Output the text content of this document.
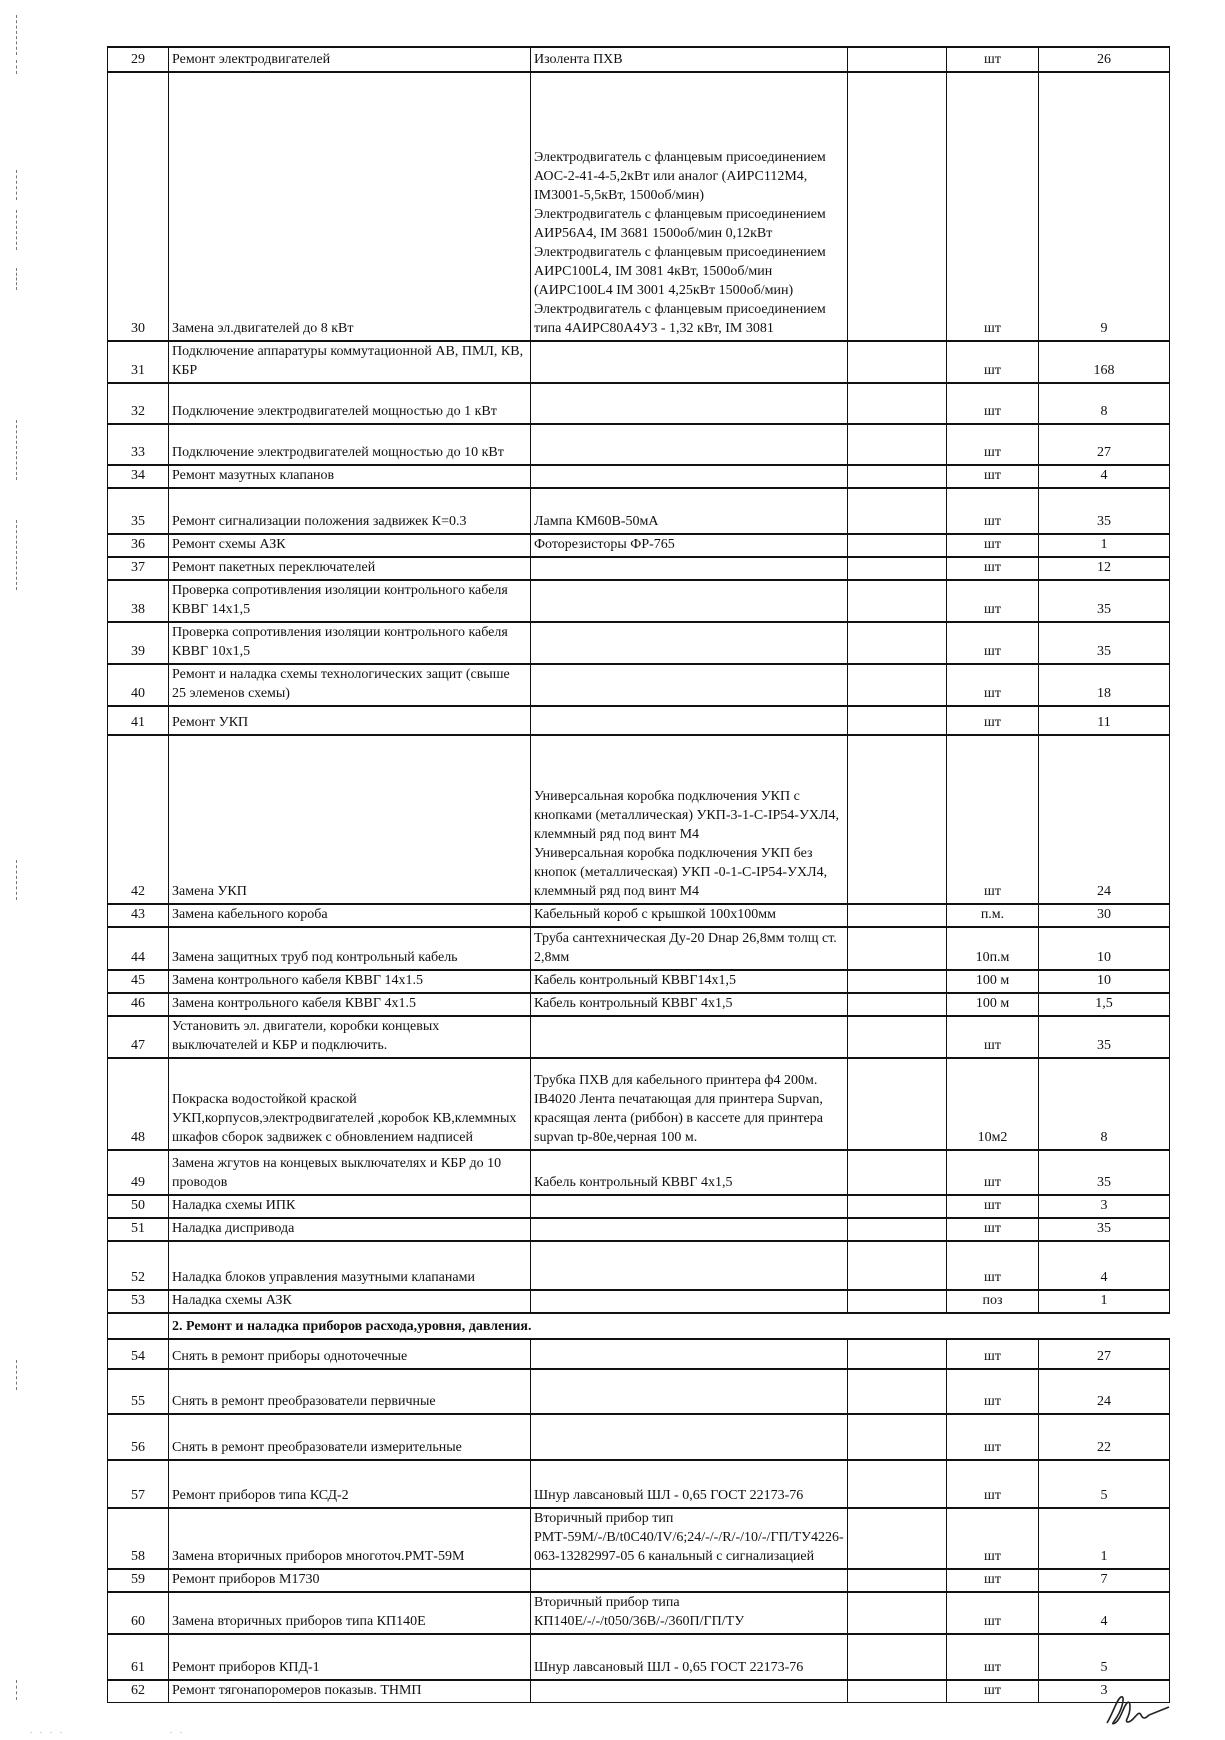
29	Ремонт электродвигателей	Изолента ПХВ		шт	26
30	Замена эл.двигателей до 8 кВт	Электродвигатель с фланцевым присоединением АОС-2-41-4-5,2кВт или аналог (АИРС112М4, IM3001-5,5кВт, 1500об/мин)
Электродвигатель с фланцевым присоединением АИР56А4, IM 3681 1500об/мин 0,12кВт
Электродвигатель с фланцевым присоединением АИРС100L4, IM 3081 4кВт, 1500об/мин (АИРС100L4 IM 3001 4,25кВт 1500об/мин) Электродвигатель с фланцевым присоединением типа 4АИРС80А4У3 - 1,32 кВт, IM 3081		шт	9
31	Подключение аппаратуры коммутационной АВ, ПМЛ, КВ, КБР			шт	168
32	Подключение электродвигателей мощностью до 1 кВт			шт	8
33	Подключение электродвигателей мощностью до 10 кВт			шт	27
34	Ремонт мазутных клапанов			шт	4
35	Ремонт сигнализации положения задвижек К=0.3	Лампа КМ60В-50мА		шт	35
36	Ремонт схемы АЗК	Фоторезисторы ФР-765		шт	1
37	Ремонт пакетных переключателей			шт	12
38	Проверка сопротивления изоляции контрольного кабеля КВВГ 14х1,5			шт	35
39	Проверка сопротивления изоляции контрольного кабеля КВВГ 10х1,5			шт	35
40	Ремонт и наладка схемы технологических защит (свыше 25 элеменов схемы)			шт	18
41	Ремонт УКП			шт	11
42	Замена УКП	Универсальная коробка подключения УКП с кнопками (металлическая) УКП-3-1-С-IP54-УХЛ4, клеммный ряд под винт М4
Универсальная коробка подключения УКП без кнопок (металлическая) УКП -0-1-С-IP54-УХЛ4, клеммный ряд под винт М4		шт	24
43	Замена кабельного короба	Кабельный короб с крышкой 100х100мм		п.м.	30
44	Замена защитных труб под контрольный кабель	Труба сантехническая Ду-20 Dнар 26,8мм толщ ст. 2,8мм		10п.м	10
45	Замена контрольного кабеля КВВГ 14х1.5	Кабель контрольный КВВГ14х1,5		100 м	10
46	Замена контрольного кабеля КВВГ 4х1.5	Кабель контрольный КВВГ 4х1,5		100 м	1,5
47	Установить эл. двигатели, коробки концевых выключателей и КБР и подключить.			шт	35
48	Покраска водостойкой краской УКП,корпусов,электродвигателей ,коробок КВ,клеммных шкафов сборок задвижек с обновлением надписей	Трубка ПХВ для кабельного принтера ф4 200м. IB4020 Лента печатающая для принтера Supvan, красящая лента (риббон) в кассете для принтера supvan tp-80e,черная 100 м.		10м2	8
49	Замена жгутов на концевых выключателях и КБР до 10 проводов	Кабель контрольный КВВГ 4х1,5		шт	35
50	Наладка схемы ИПК			шт	3
51	Наладка диспривода			шт	35
52	Наладка блоков управления мазутными клапанами			шт	4
53	Наладка схемы АЗК			поз	1
	2. Ремонт и наладка приборов расхода,уровня, давления.				
54	Снять в ремонт приборы одноточечные			шт	27
55	Снять в ремонт преобразователи первичные			шт	24
56	Снять в ремонт преобразователи измерительные			шт	22
57	Ремонт приборов типа КСД-2	Шнур лавсановый ШЛ - 0,65 ГОСТ 22173-76		шт	5
58	Замена вторичных приборов многоточ.РМТ-59М	Вторичный прибор тип РМТ-59М/-/B/t0С40/IV/6;24/-/-/R/-/10/-/ГП/ТУ4226-063-13282997-05 6 канальный с сигнализацией		шт	1
59	Ремонт приборов М1730			шт	7
60	Замена вторичных приборов типа КП140Е	Вторичный прибор типа КП140Е/-/-/t050/36В/-/360П/ГП/ТУ		шт	4
61	Ремонт приборов КПД-1	Шнур лавсановый ШЛ - 0,65 ГОСТ 22173-76		шт	5
62	Ремонт тягонапоромеров показыв. ТНМП			шт	3
. . . .	. .
